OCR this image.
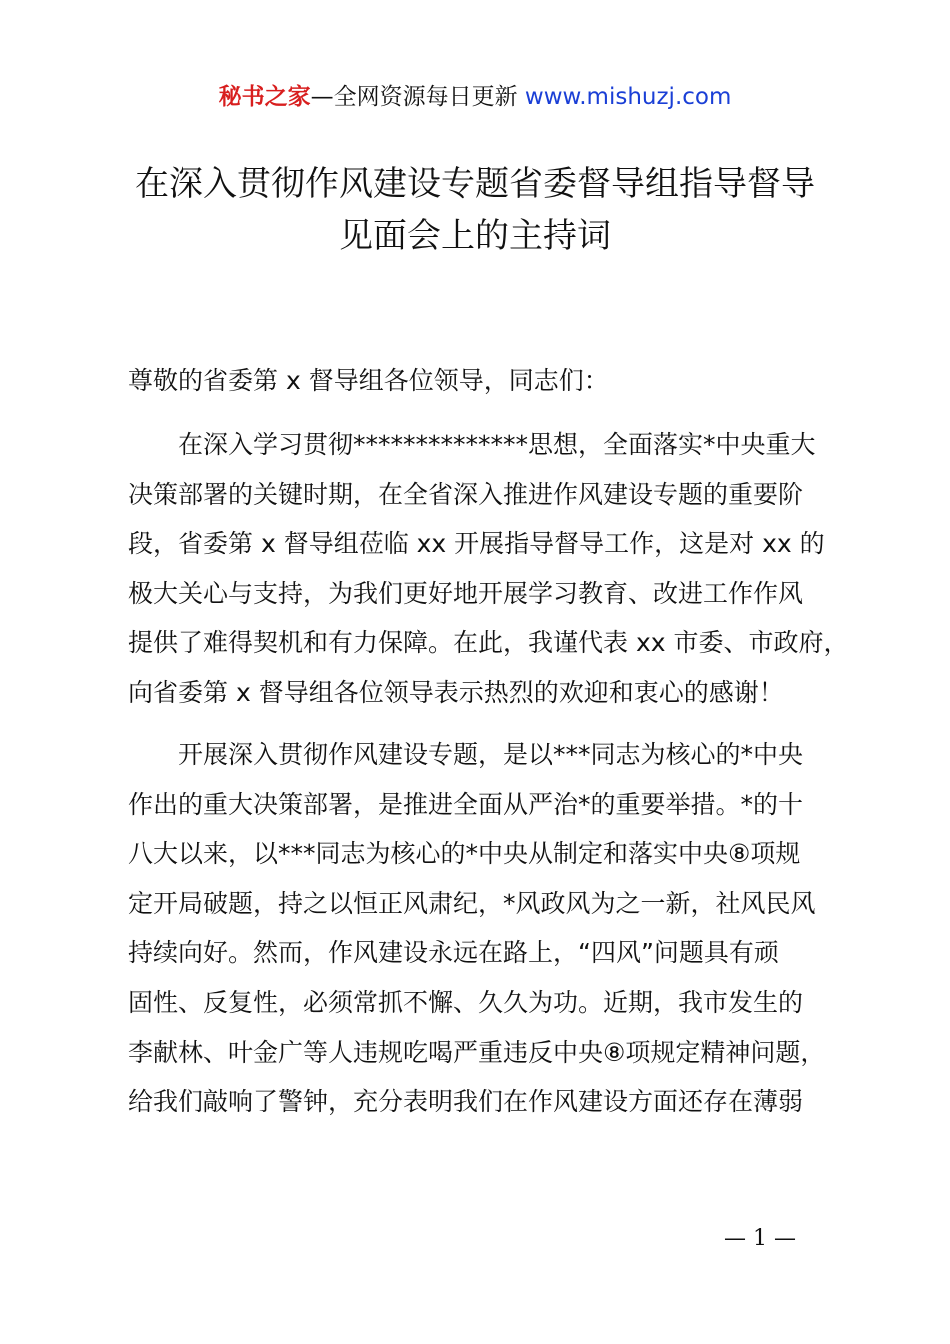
秘书之家—全网资源每日更新 www.mishuzj.com
在深入贯彻作风建设专题省委督导组指导督导
见面会上的主持词
尊敬的省委第 x 督导组各位领导，同志们：
在深入学习贯彻**************思想，全面落实*中央重大
决策部署的关键时期，在全省深入推进作风建设专题的重要阶
段，省委第 x 督导组莅临 xx 开展指导督导工作，这是对 xx 的
极大关心与支持，为我们更好地开展学习教育、改进工作作风
提供了难得契机和有力保障。在此，我谨代表 xx 市委、市政府，
向省委第 x 督导组各位领导表示热烈的欢迎和衷心的感谢！
开展深入贯彻作风建设专题，是以***同志为核心的*中央
作出的重大决策部署，是推进全面从严治*的重要举措。*的十
八大以来，以***同志为核心的*中央从制定和落实中央⑧项规
定开局破题，持之以恒正风肃纪，*风政风为之一新，社风民风
持续向好。然而，作风建设永远在路上，“四风”问题具有顽
固性、反复性，必须常抓不懈、久久为功。近期，我市发生的
李献林、叶金广等人违规吃喝严重违反中央⑧项规定精神问题，
给我们敲响了警钟，充分表明我们在作风建设方面还存在薄弱
— 1 —
